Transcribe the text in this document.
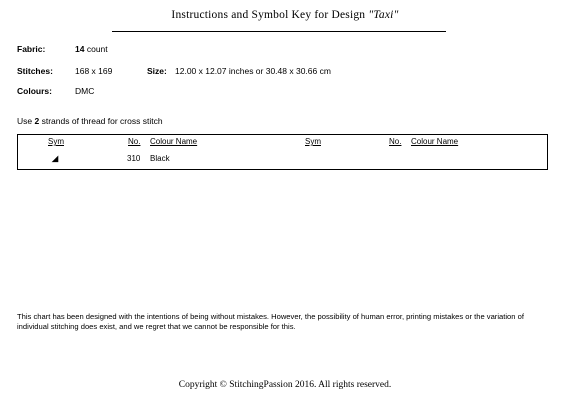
Instructions and Symbol Key for Design "Taxi"
Fabric:	14 count
Stitches:	168 x 169	Size: 12.00 x 12.07 inches or 30.48 x 30.66 cm
Colours:	DMC
Use 2 strands of thread for cross stitch
Sym	No. Colour Name	Sym	No. Colour Name
◢	310 Black
This chart has been designed with the intentions of being without mistakes. However, the possibility of human error, printing mistakes or the variation of individual stitching does exist, and we regret that we cannot be responsible for this.
Copyright © StitchingPassion 2016. All rights reserved.
